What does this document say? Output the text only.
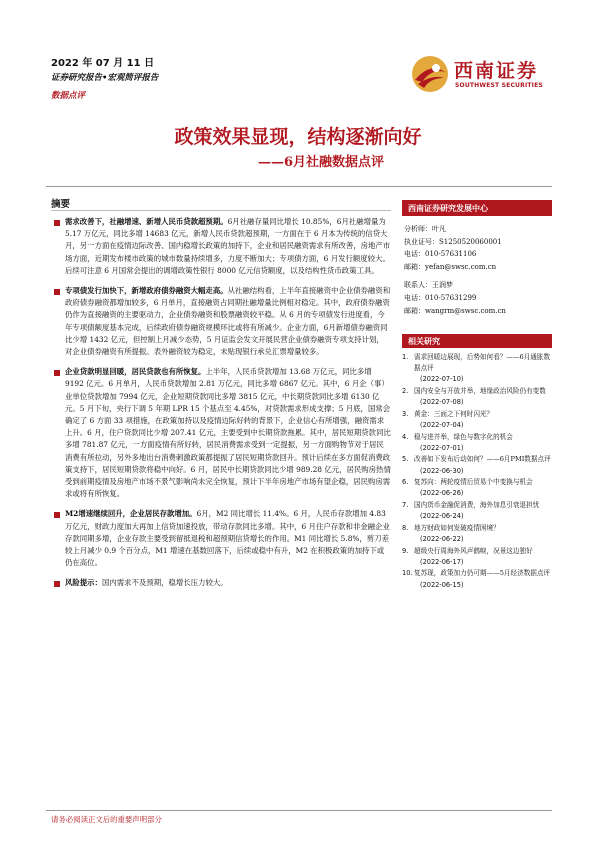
2022 年 07 月 11 日
证券研究报告•宏观简评报告
数据点评
西南证券
SOUTHWEST SECURITIES
政策效果显现，结构逐渐向好
——6月社融数据点评
摘要
需求改善下，社融增速、新增人民币贷款超预期。6月社融存量同比增长 10.85%，6月社融增量为 5.17 万亿元，同比多增 14683 亿元，新增人民币贷款超预期，一方面在于 6 月本为传统的信贷大月，另一方面在疫情边际改善、国内稳增长政策的加持下，企业和居民融资需求有所改善，房地产市场方面，近期发布楼市政策的城市数量持续增多，力度不断加大；专项债方面，6 月发行额度较大。后续可注意 6 月国常会提出的调增政策性银行 8000 亿元信贷额度，以及结构性货币政策工具。
专项债发行加快下，新增政府债券融资大幅走高。从社融结构看，上半年直接融资中企业债券融资和政府债券融资都增加较多，6 月单月，直接融资占同期社融增量比例相对稳定。其中，政府债券融资仍作为直接融资的主要驱动力，企业债券融资和股票融资较平稳。从 6 月的专项债发行进度看，今年专项债额度基本完成，后续政府债券融资规模环比或将有所减少。企业方面，6月新增债券融资同比少增 1432 亿元，但控制上月减少态势，5 月证监会发文开展民营企业债券融资专项支持计划，对企业债券融资有所提振。表外融资较为稳定，未贴现银行承兑汇票增量较多。
企业贷款明显回暖，居民贷款也有所恢复。上半年，人民币贷款增加 13.68 万亿元，同比多增 9192 亿元。6 月单月，人民币贷款增加 2.81 万亿元，同比多增 6867 亿元。其中，6 月企（事）业单位贷款增加 7994 亿元，企业短期贷款同比多增 3815 亿元，中长期贷款同比多增 6130 亿元。5 月下旬，央行下调 5 年期 LPR 15 个基点至 4.45%，对贷款需求形成支撑；5 月底，国常会确定了 6 方面 33 项措施，在政策加持以及疫情边际好转的背景下，企业信心有所增强，融资需求上升。6 月，住户贷款同比少增 207.41 亿元，主要受到中长期贷款拖累。其中，居民短期贷款同比多增 781.87 亿元，一方面疫情有所好转，居民消费需求受到一定提振，另一方面购物节对于居民消费有所拉动，另外多地出台消费刺激政策都提振了居民短期贷款回升。预计后续在多方面促消费政策支持下，居民短期贷款将稳中向好。6 月，居民中长期贷款同比少增 989.28 亿元，居民购房热情受到前期疫情及房地产市场不景气影响尚未完全恢复，预计下半年房地产市场有望企稳，居民购房需求或将有所恢复。
M2增速继续回升，企业居民存款增加。6月，M2 同比增长 11.4%。6 月，人民币存款增加 4.83 万亿元，财政力度加大再加上信贷加速投放，带动存款同比多增。其中，6 月住户存款和非金融企业存款同期多增，企业存款主要受到留抵退税和超预期信贷增长的作用。M1 同比增长 5.8%，剪刀差较上月减少 0.9 个百分点，M1 增速在基数回落下，后续或稳中有升，M2 在积极政策的加持下或仍在高位。
风险提示：国内需求不及预期，稳增长压力较大。
西南证券研究发展中心
分析师：叶凡
执业证号：S1250520060001
电话：010-57631106
邮箱：yefan@swsc.com.cn
联系人：王润梦
电话：010-57631299
邮箱：wangrm@swsc.com.cn
相关研究
1. 需求回暖边展现，后势如何看？——6月通胀数据点评
(2022-07-10)
2. 国内安全与开放并举，地缘政治风险仍有变数
(2022-07-08)
3. 黄金：三面之下何时闪光？
(2022-07-04)
4. 稳与进并举，绿色与数字化的机会
(2022-07-01)
5. 改善如下发布后动如何？——6月PMI数据点评
(2022-06-30)
6. 复苏向：两轮疫情后贸易个中变换与机会
(2022-06-26)
7. 国内货币金融促消费，海外加息引衰退担忧
(2022-06-24)
8. 地方财政如何发破疫情困境？
(2022-06-22)
9. 超级央行周海外风声鹤唳，况景这边独好
(2022-06-17)
10. 复苏现，政策加力仍可期——5月经济数据点评
(2022-06-15)
请务必阅读正文后的重要声明部分
